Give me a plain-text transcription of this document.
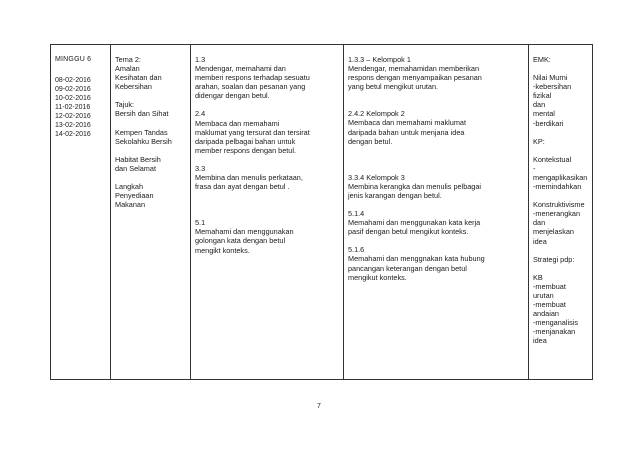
MINGGU 6
08-02-2016
09-02-2016
10-02-2016
11-02-2016
12-02-2016
13-02-2016
14-02-2016

Tema 2:
Amalan
Kesihatan dan
Kebersihan
Tajuk:
Bersih dan Sihat
Kempen Tandas
Sekolahku Bersih
Habitat Bersih
dan Selamat
Langkah
Penyediaan
Makanan

1.3
Mendengar, memahami dan
memberi respons terhadap sesuatu
arahan, soalan dan pesanan yang
didengar dengan betul.
2.4
Membaca dan memahami
maklumat yang tersurat dan tersirat
daripada pelbagai bahan untuk
member respons dengan betul.
3.3
Membina dan menulis perkataan,
frasa dan ayat dengan betul .
5.1
Memahami dan menggunakan
golongan kata dengan betul
mengikt konteks.

1.3.3 – Kelompok 1
Mendengar, memahamidan memberikan
respons dengan menyampaikan pesanan
yang betul mengikut urutan.
2.4.2 Kelompok 2
Membaca dan memahami maklumat
daripada bahan untuk menjana idea
dengan betul.
3.3.4 Kelompok 3
Membina kerangka dan menulis pelbagai
jenis karangan dengan betul.
5.1.4
Memahami dan menggunakan kata kerja
pasif dengan betul mengikut konteks.
5.1.6
Memahami dan menggnakan kata hubung
pancangan keterangan dengan betul
mengikut konteks.

EMK:
Nilai Murni
-kebersihan fizikal
dan
mental
-berdikari
KP:
Kontekstual
-mengaplikasikan
-memindahkan
Konstruktivisme
-menerangkan dan
menjelaskan idea
Strategi pdp:
KB
-membuat urutan
-membuat andaian
-menganalisis
-menjanakan idea
7
